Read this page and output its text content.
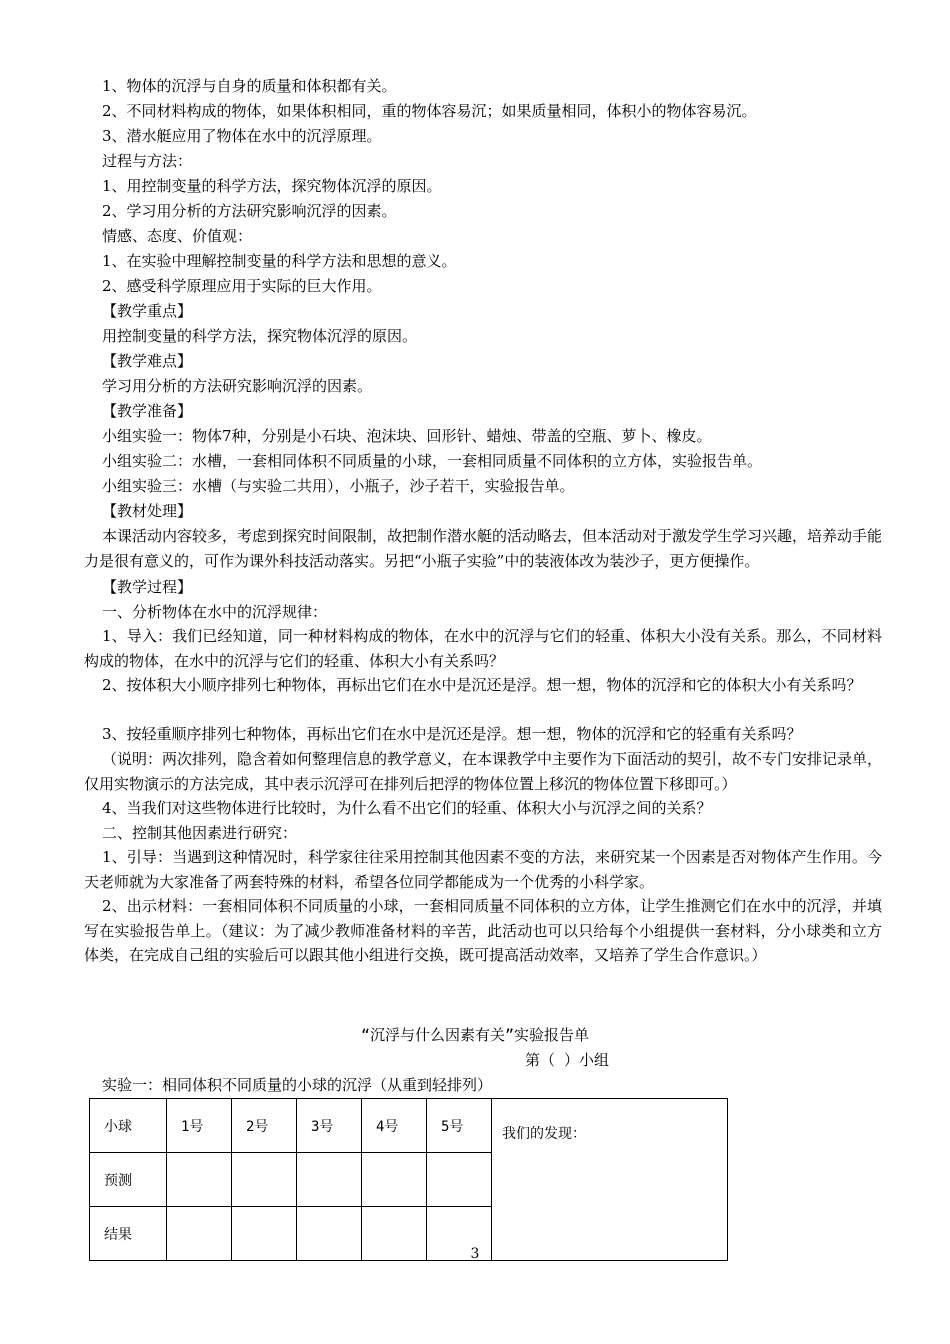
1、物体的沉浮与自身的质量和体积都有关。
2、不同材料构成的物体，如果体积相同，重的物体容易沉；如果质量相同，体积小的物体容易沉。
3、潜水艇应用了物体在水中的沉浮原理。
过程与方法：
1、用控制变量的科学方法，探究物体沉浮的原因。
2、学习用分析的方法研究影响沉浮的因素。
情感、态度、价值观：
1、在实验中理解控制变量的科学方法和思想的意义。
2、感受科学原理应用于实际的巨大作用。
【教学重点】
用控制变量的科学方法，探究物体沉浮的原因。
【教学难点】
学习用分析的方法研究影响沉浮的因素。
【教学准备】
小组实验一：物体7种，分别是小石块、泡沫块、回形针、蜡烛、带盖的空瓶、萝卜、橡皮。
小组实验二：水槽，一套相同体积不同质量的小球，一套相同质量不同体积的立方体，实验报告单。
小组实验三：水槽（与实验二共用），小瓶子，沙子若干，实验报告单。
【教材处理】
本课活动内容较多，考虑到探究时间限制，故把制作潜水艇的活动略去，但本活动对于激发学生学习兴趣，培养动手能力是很有意义的，可作为课外科技活动落实。另把“小瓶子实验”中的装液体改为装沙子，更方便操作。
【教学过程】
一、分析物体在水中的沉浮规律：
1、导入：我们已经知道，同一种材料构成的物体，在水中的沉浮与它们的轻重、体积大小没有关系。那么，不同材料构成的物体，在水中的沉浮与它们的轻重、体积大小有关系吗？
2、按体积大小顺序排列七种物体，再标出它们在水中是沉还是浮。想一想，物体的沉浮和它的体积大小有关系吗？
3、按轻重顺序排列七种物体，再标出它们在水中是沉还是浮。想一想，物体的沉浮和它的轻重有关系吗？
（说明：两次排列，隐含着如何整理信息的教学意义，在本课教学中主要作为下面活动的契引，故不专门安排记录单，仅用实物演示的方法完成，其中表示沉浮可在排列后把浮的物体位置上移沉的物体位置下移即可。）
4、当我们对这些物体进行比较时，为什么看不出它们的轻重、体积大小与沉浮之间的关系？
二、控制其他因素进行研究：
1、引导：当遇到这种情况时，科学家往往采用控制其他因素不变的方法，来研究某一个因素是否对物体产生作用。今天老师就为大家准备了两套特殊的材料，希望各位同学都能成为一个优秀的小科学家。
2、出示材料：一套相同体积不同质量的小球，一套相同质量不同体积的立方体，让学生推测它们在水中的沉浮，并填写在实验报告单上。（建议：为了减少教师准备材料的辛苦，此活动也可以只给每个小组提供一套材料，分小球类和立方体类，在完成自己组的实验后可以跟其他小组进行交换，既可提高活动效率，又培养了学生合作意识。）
“沉浮与什么因素有关”实验报告单
第（ ）小组
实验一：相同体积不同质量的小球的沉浮（从重到轻排列）
小球	1号	2号	3号	4号	5号	我们的发现：
预测						
结果						
3
